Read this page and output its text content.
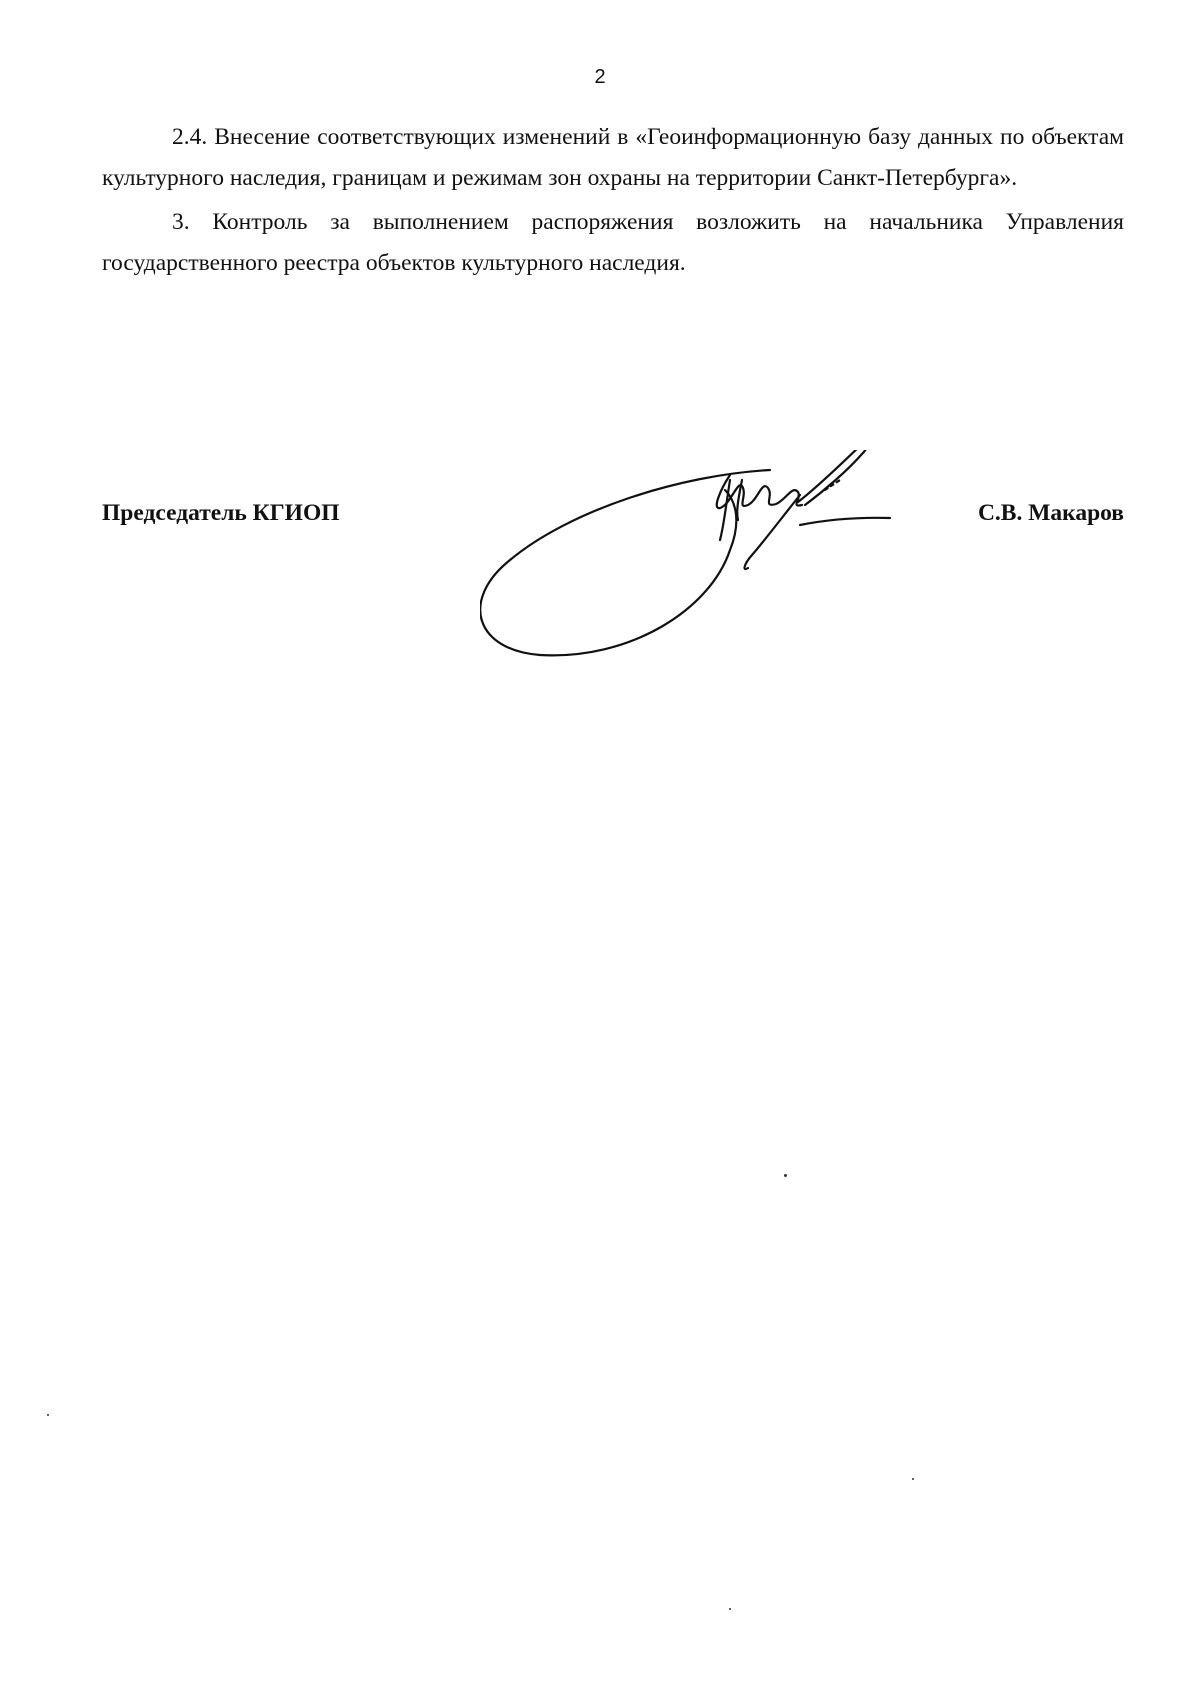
2

2.4. Внесение соответствующих изменений в «Геоинформационную базу данных по объектам культурного наследия, границам и режимам зон охраны на территории Санкт-Петербурга».

3. Контроль за выполнением распоряжения возложить на начальника Управления государственного реестра объектов культурного наследия.

Председатель КГИОП	С.В. Макаров
